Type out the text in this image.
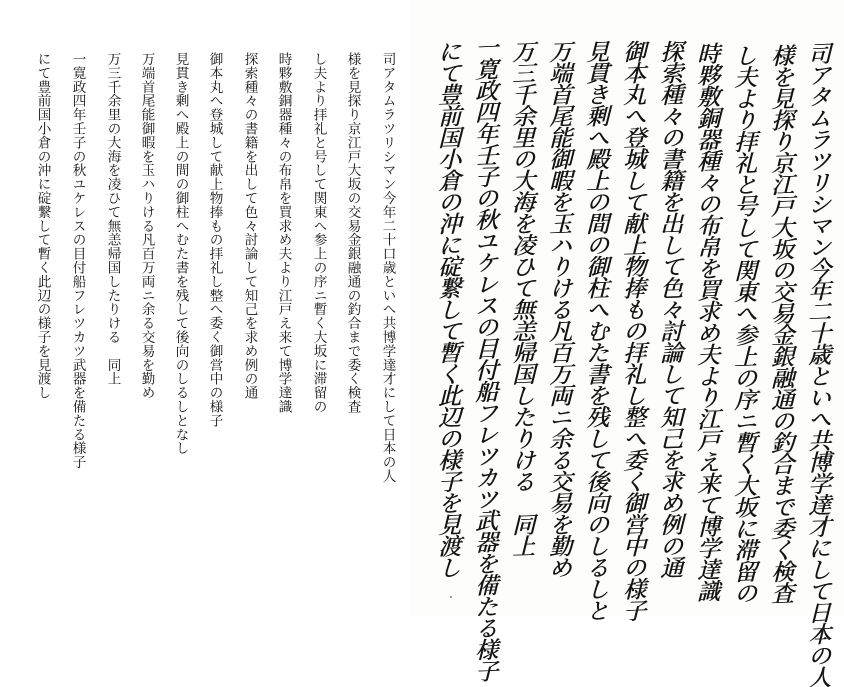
司アタムラツリシマン今年二十口歳といへ共博学達才にして日本の人
様を見探り京江戸大坂の交易金銀融通の釣合まで委く検査
し夫より拝礼と号して関東へ参上の序ニ暫く大坂に滞留の
時夥敷銅器種々の布帛を買求め夫より江戸え来て博学達識
探索種々の書籍を出して色々討論して知己を求め例の通
御本丸へ登城して献上物捧もの拝礼し整へ委く御営中の様子
見貫き剰へ殿上の間の御柱へむた書を残して後向のしるしとなし
万端首尾能御暇を玉ハりける凡百万両ニ余る交易を勤め
万三千余里の大海を凌ひて無恙帰国したりける　同上
一寛政四年壬子の秋ユケレスの目付船フレツカツ武器を備たる様子
にて豊前国小倉の沖に碇繋して暫く此辺の様子を見渡し	司アタムラツリシマン今年二十歳といへ共博学達才にして日本の人
様を見探り京江戸大坂の交易金銀融通の釣合まで委く検査
し夫より拝礼と号して関東へ参上の序ニ暫く大坂に滞留の
時夥敷銅器種々の布帛を買求め夫より江戸え来て博学達識
探索種々の書籍を出して色々討論して知己を求め例の通
御本丸へ登城して献上物捧もの拝礼し整へ委く御営中の様子
見貫き剰へ殿上の間の御柱へむた書を残して後向のしるしと
万端首尾能御暇を玉ハりける凡百万両ニ余る交易を勤め
万三千余里の大海を凌ひて無恙帰国したりける　同上
一寛政四年壬子の秋ユケレスの目付船フレツカツ武器を備たる様子
にて豊前国小倉の沖に碇繋して暫く此辺の様子を見渡し
